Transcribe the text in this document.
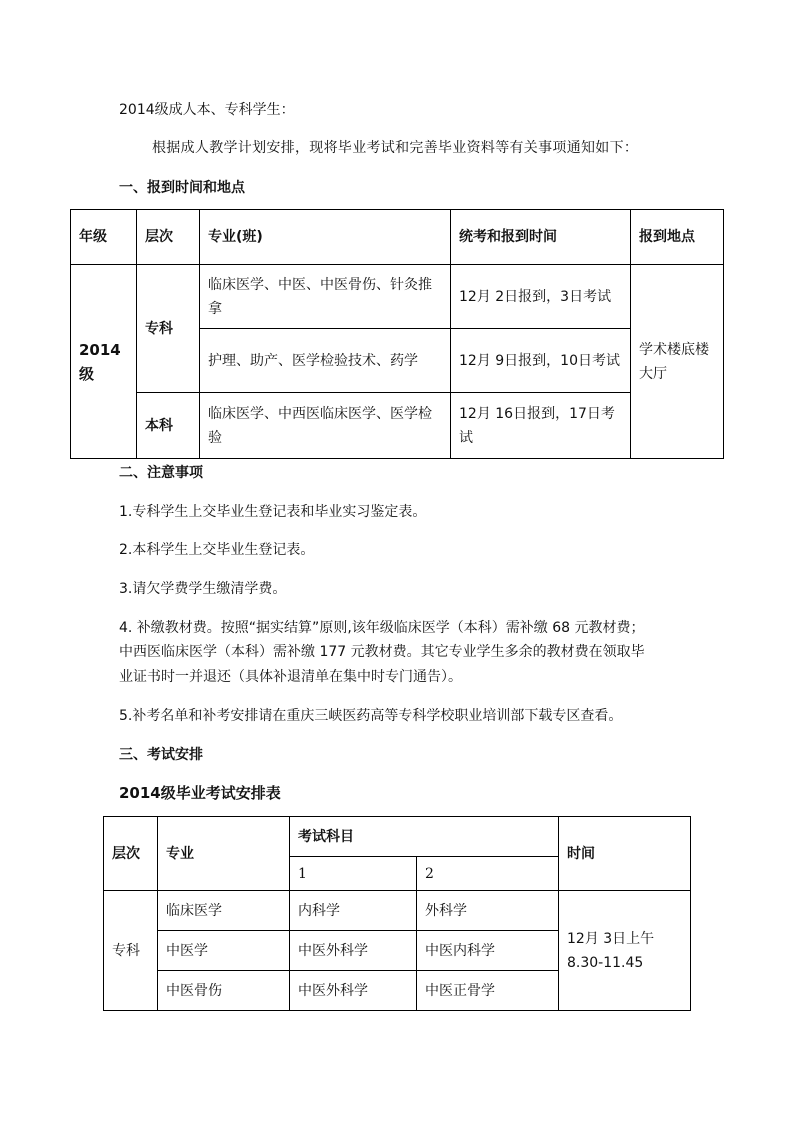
2014级成人本、专科学生：
根据成人教学计划安排，现将毕业考试和完善毕业资料等有关事项通知如下：
一、报到时间和地点
年级	层次	专业(班)	统考和报到时间	报到地点
2014级	专科	临床医学、中医、中医骨伤、针灸推拿	12月 2日报到，3日考试	学术楼底楼大厅
		护理、助产、医学检验技术、药学	12月 9日报到，10日考试	
	本科	临床医学、中西医临床医学、医学检验	12月 16日报到，17日考试	
二、注意事项
1.专科学生上交毕业生登记表和毕业实习鉴定表。
2.本科学生上交毕业生登记表。
3.请欠学费学生缴清学费。
4. 补缴教材费。按照“据实结算”原则,该年级临床医学（本科）需补缴 68 元教材费；
中西医临床医学（本科）需补缴 177 元教材费。其它专业学生多余的教材费在领取毕
业证书时一并退还（具体补退清单在集中时专门通告）。
5.补考名单和补考安排请在重庆三峡医药高等专科学校职业培训部下载专区查看。
三、考试安排
2014级毕业考试安排表
层次	专业	考试科目		时间
		1	2	
专科	临床医学	内科学	外科学	12月 3日上午
8.30-11.45

	中医学	中医外科学	中医内科学	
	中医骨伤	中医外科学	中医正骨学	
